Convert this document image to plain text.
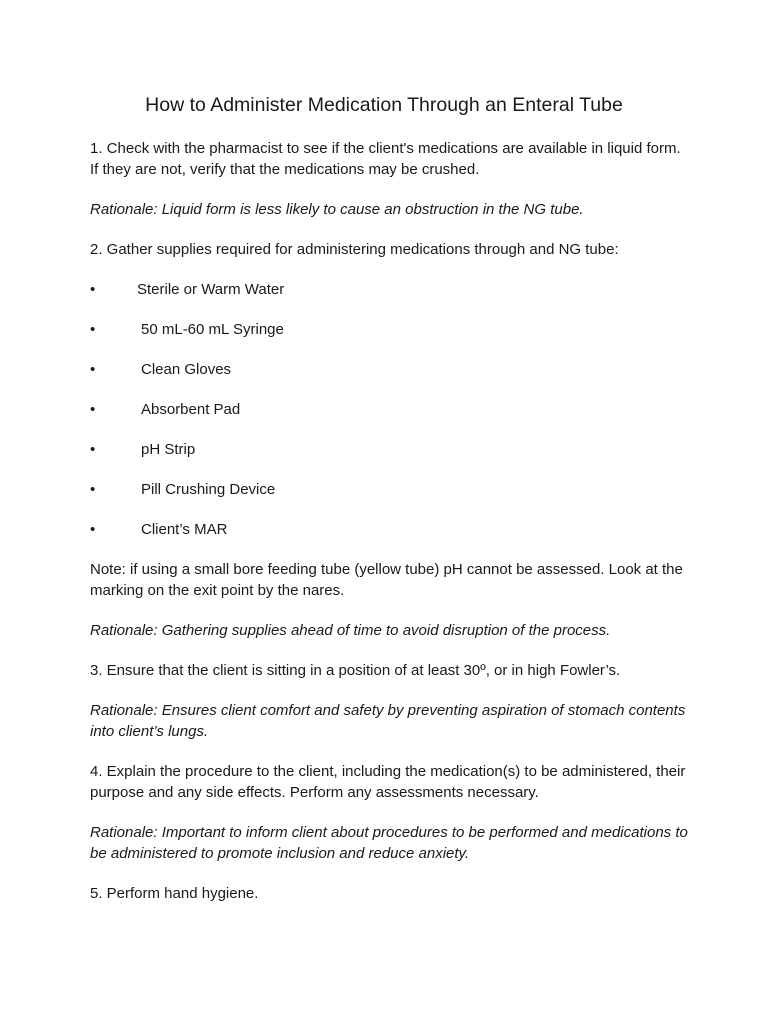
How to Administer Medication Through an Enteral Tube

1. Check with the pharmacist to see if the client's medications are available in liquid form. If they are not, verify that the medications may be crushed.

Rationale: Liquid form is less likely to cause an obstruction in the NG tube.

2. Gather supplies required for administering medications through and NG tube:

•	Sterile or Warm Water
•	50 mL-60 mL Syringe
•	Clean Gloves
•	Absorbent Pad
•	pH Strip
•	Pill Crushing Device
•	Client’s MAR

Note: if using a small bore feeding tube (yellow tube) pH cannot be assessed. Look at the marking on the exit point by the nares.

Rationale: Gathering supplies ahead of time to avoid disruption of the process.

3. Ensure that the client is sitting in a position of at least 30º, or in high Fowler’s.

Rationale: Ensures client comfort and safety by preventing aspiration of stomach contents into client’s lungs.

4. Explain the procedure to the client, including the medication(s) to be administered, their purpose and any side effects. Perform any assessments necessary.

Rationale: Important to inform client about procedures to be performed and medications to be administered to promote inclusion and reduce anxiety.

5. Perform hand hygiene.
